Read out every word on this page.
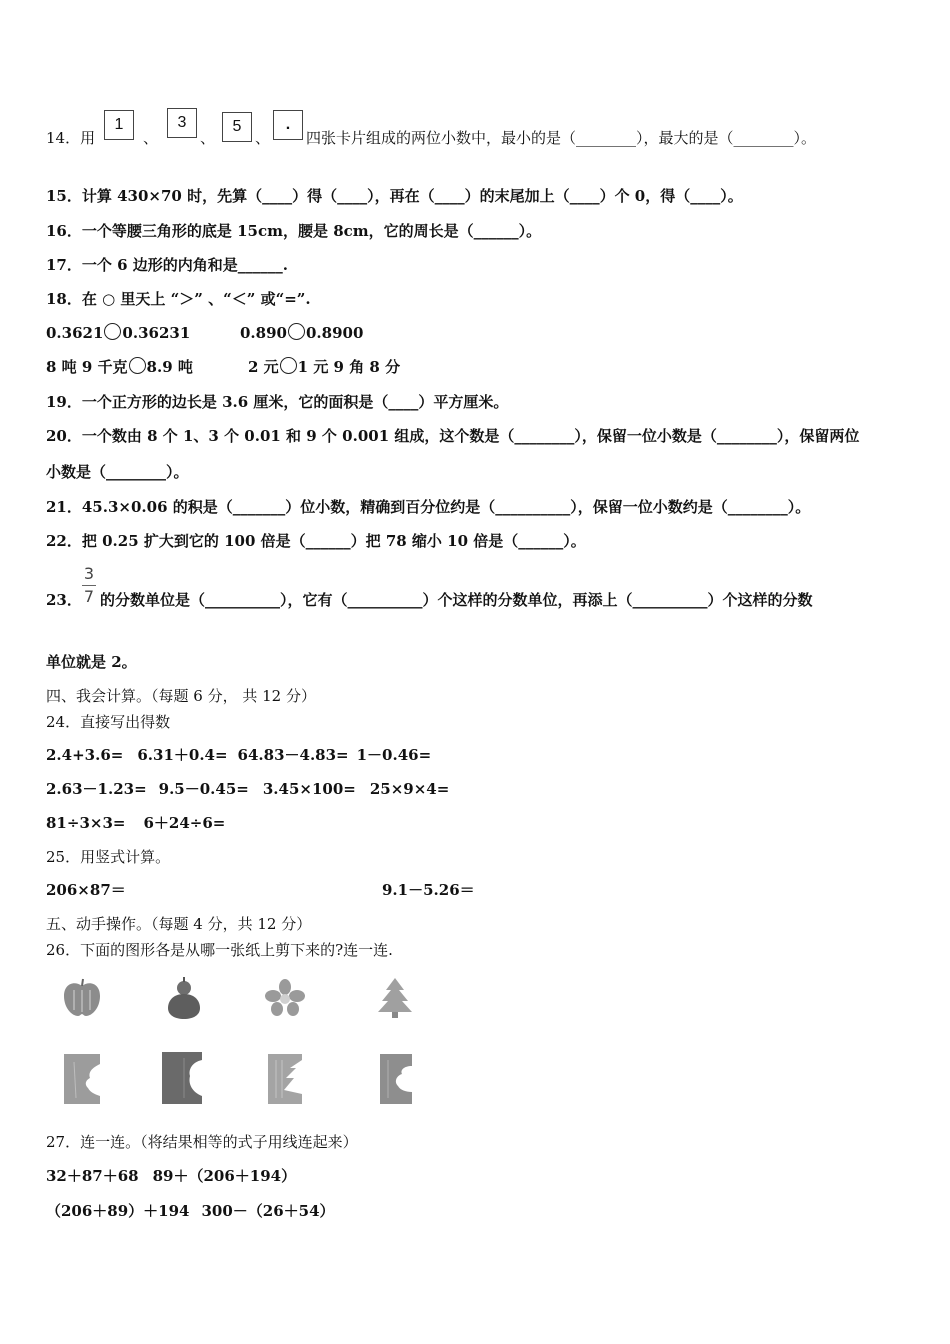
14．用
1
、
3
、
5
、
.
四张卡片组成的两位小数中，最小的是（________），最大的是（________）。
15．计算 430×70 时，先算（____）得（____），再在（____）的末尾加上（____）个 0，得（____）。
16．一个等腰三角形的底是 15cm，腰是 8cm，它的周长是（______）。
17．一个 6 边形的内角和是______.
18．在 ○ 里天上 “＞” 、“＜” 或“=”.
0.3621 0.36231	0.890 0.8900
8 吨 9 千克 8.9 吨	2 元 1 元 9 角 8 分
19．一个正方形的边长是 3.6 厘米，它的面积是（____）平方厘米。
20．一个数由 8 个 1、3 个 0.01 和 9 个 0.001 组成，这个数是（________），保留一位小数是（________），保留两位
小数是（________）。
21．45.3×0.06 的积是（_______）位小数，精确到百分位约是（__________），保留一位小数约是（________）。
22．把 0.25 扩大到它的 100 倍是（______）把 78 缩小 10 倍是（______）。
23．
3
7 的分数单位是（__________），它有（__________）个这样的分数单位，再添上（__________）个这样的分数
单位就是 2。
四、我会计算。（每题 6 分， 共 12 分）
24．直接写出得数
2.4+3.6= 6.31＋0.4= 64.83－4.83= 1－0.46=
2.63－1.23= 9.5－0.45= 3.45×100= 25×9×4=
81÷3×3= 6＋24÷6=
25．用竖式计算。
206×87＝	9.1－5.26＝
五、动手操作。（每题 4 分，共 12 分）
26．下面的图形各是从哪一张纸上剪下来的?连一连.
27．连一连。（将结果相等的式子用线连起来）
32＋87＋68 89＋（206＋194）
（206＋89）＋194 300－（26＋54）
